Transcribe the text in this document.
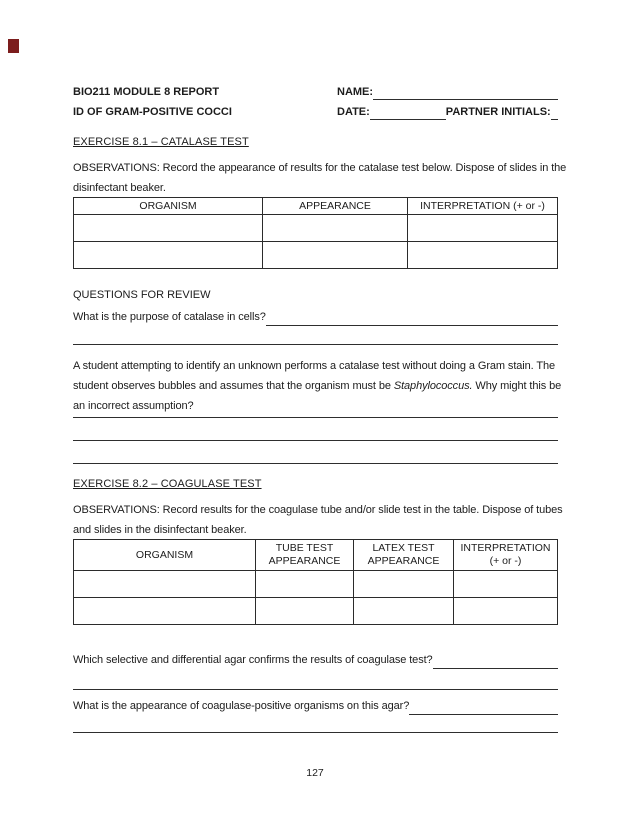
BIO211 MODULE 8 REPORT
ID OF GRAM-POSITIVE COCCI
NAME:
DATE:	PARTNER INITIALS:
EXERCISE 8.1 – CATALASE TEST
OBSERVATIONS: Record the appearance of results for the catalase test below. Dispose of slides in the disinfectant beaker.
ORGANISM	APPEARANCE	INTERPRETATION (+ or -)

QUESTIONS FOR REVIEW
What is the purpose of catalase in cells?
A student attempting to identify an unknown performs a catalase test without doing a Gram stain. The student observes bubbles and assumes that the organism must be Staphylococcus. Why might this be an incorrect assumption?
EXERCISE 8.2 – COAGULASE TEST
OBSERVATIONS: Record results for the coagulase tube and/or slide test in the table. Dispose of tubes and slides in the disinfectant beaker.
ORGANISM	TUBE TEST APPEARANCE	LATEX TEST APPEARANCE	INTERPRETATION (+ or -)

Which selective and differential agar confirms the results of coagulase test?
What is the appearance of coagulase-positive organisms on this agar?
127
